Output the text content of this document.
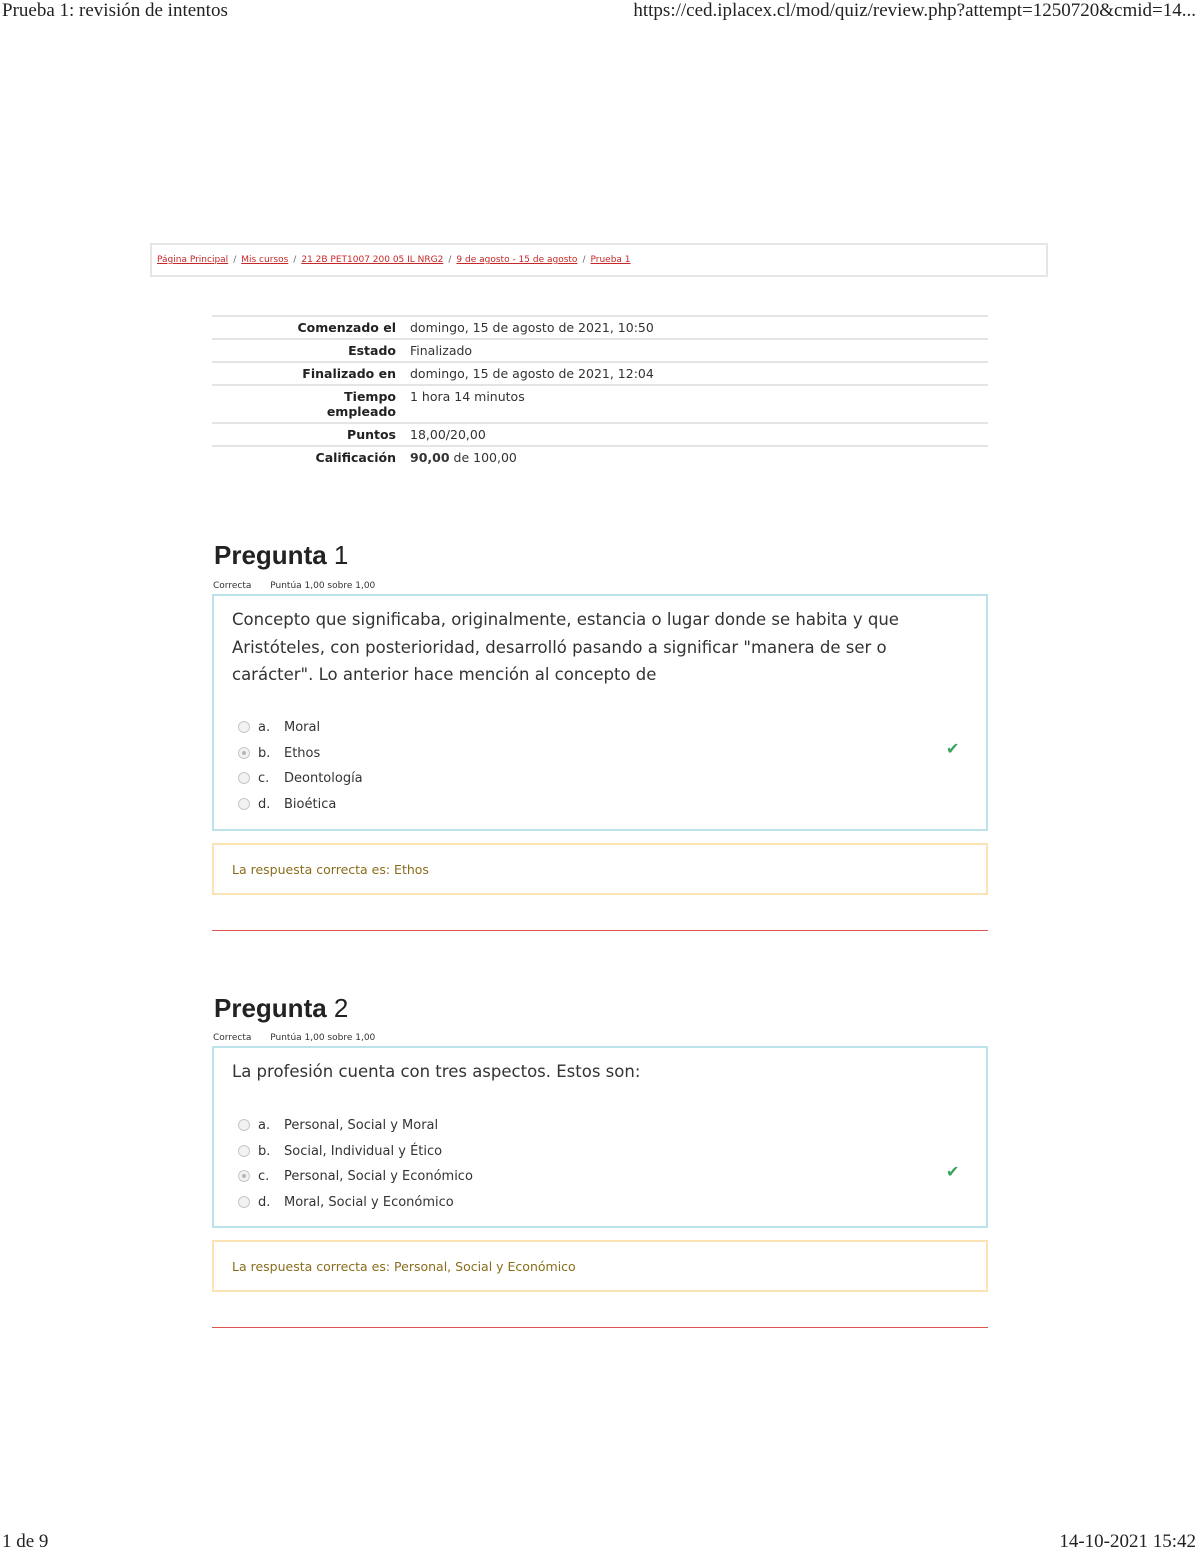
Prueba 1: revisión de intentos	https://ced.iplacex.cl/mod/quiz/review.php?attempt=1250720&cmid=14...
1 de 9	14-10-2021 15:42
Página Principal / Mis cursos / 21 2B PET1007 200 05 IL NRG2 / 9 de agosto - 15 de agosto / Prueba 1
Comenzado el	domingo, 15 de agosto de 2021, 10:50
Estado	Finalizado
Finalizado en	domingo, 15 de agosto de 2021, 12:04
Tiempo empleado	1 hora 14 minutos
Puntos	18,00/20,00
Calificación	90,00 de 100,00
Pregunta 1
Correcta Puntúa 1,00 sobre 1,00
Concepto que significaba, originalmente, estancia o lugar donde se habita y que Aristóteles, con posterioridad, desarrolló pasando a significar "manera de ser o carácter". Lo anterior hace mención al concepto de
a.	Moral
b.	Ethos	✔
c.	Deontología
d.	Bioética
La respuesta correcta es: Ethos
Pregunta 2
Correcta Puntúa 1,00 sobre 1,00
La profesión cuenta con tres aspectos. Estos son:
a.	Personal, Social y Moral
b.	Social, Individual y Ético
c.	Personal, Social y Económico	✔
d.	Moral, Social y Económico
La respuesta correcta es: Personal, Social y Económico
